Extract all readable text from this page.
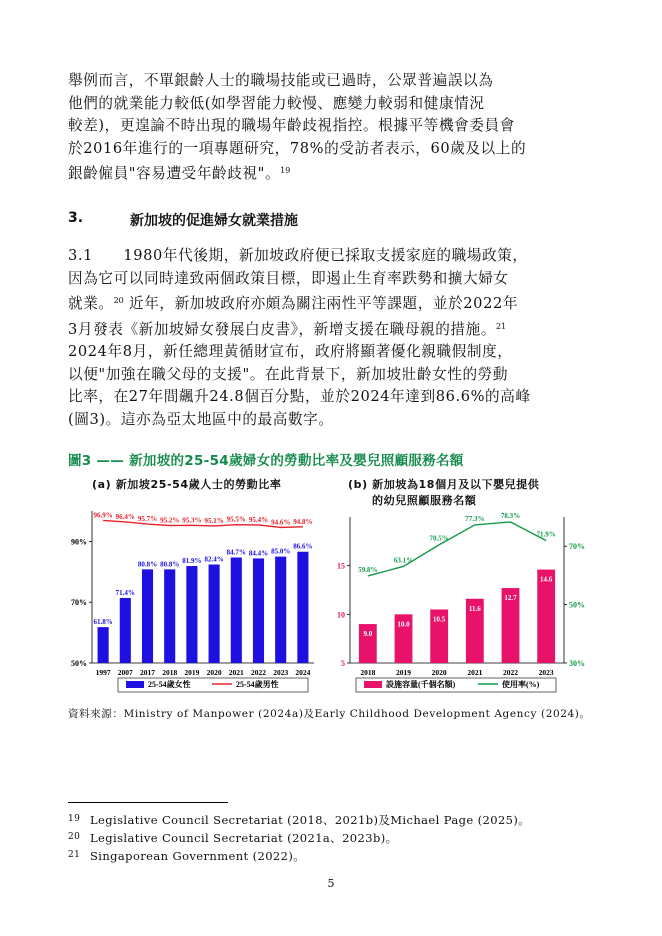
舉例而言，不單銀齡人士的職場技能或已過時，公眾普遍誤以為
他們的就業能力較低(如學習能力較慢、應變力較弱和健康情況
較差)，更遑論不時出現的職場年齡歧視指控。根據平等機會委員會
於2016年進行的一項專題研究，78%的受訪者表示，60歲及以上的
銀齡僱員"容易遭受年齡歧視"。$^{19}$
3.	新加坡的促進婦女就業措施
3.1　　1980年代後期，新加坡政府便已採取支援家庭的職場政策，
因為它可以同時達致兩個政策目標，即遏止生育率跌勢和擴大婦女
就業。$^{20}$ 近年，新加坡政府亦頗為關注兩性平等課題，並於2022年
3月發表《新加坡婦女發展白皮書》，新增支援在職母親的措施。$^{21}$
2024年8月，新任總理黃循財宣布，政府將顯著優化親職假制度，
以便"加強在職父母的支援"。在此背景下，新加坡壯齡女性的勞動
比率，在27年間飆升24.8個百分點，並於2024年達到86.6%的高峰
(圖3)。這亦為亞太地區中的最高數字。
圖3 —— 新加坡的25-54歲婦女的勞動比率及嬰兒照顧服務名額
(a) 新加坡25-54歲人士的勞動比率	(b) 新加坡為18個月及以下嬰兒提供
的幼兒照顧服務名額
50%
70%
90%
61.8%
71.4%
80.8% 80.8% 81.9% 82.4%
84.7% 84.4% 85.0%
86.6%
96.9% 96.4% 95.7% 95.2% 95.3% 95.1% 95.5% 95.4% 94.6% 94.8%
1997 2007 2017 2018 2019 2020 2021 2022 2023 2024
25-54歲女性	25-54歲男性
5
10
15
30%
50%
70%
9.0
10.0
10.5
11.6
12.7
14.6
59.8%
63.1%
70.5%
77.3% 78.3%
71.9%
2018	2019	2020	2021	2022	2023
設施容量(千個名額)	使用率(%)
資料來源：Ministry of Manpower (2024a)及Early Childhood Development Agency (2024)。
19 Legislative Council Secretariat (2018、2021b)及Michael Page (2025)。
20 Legislative Council Secretariat (2021a、2023b)。
21 Singaporean Government (2022)。
5
